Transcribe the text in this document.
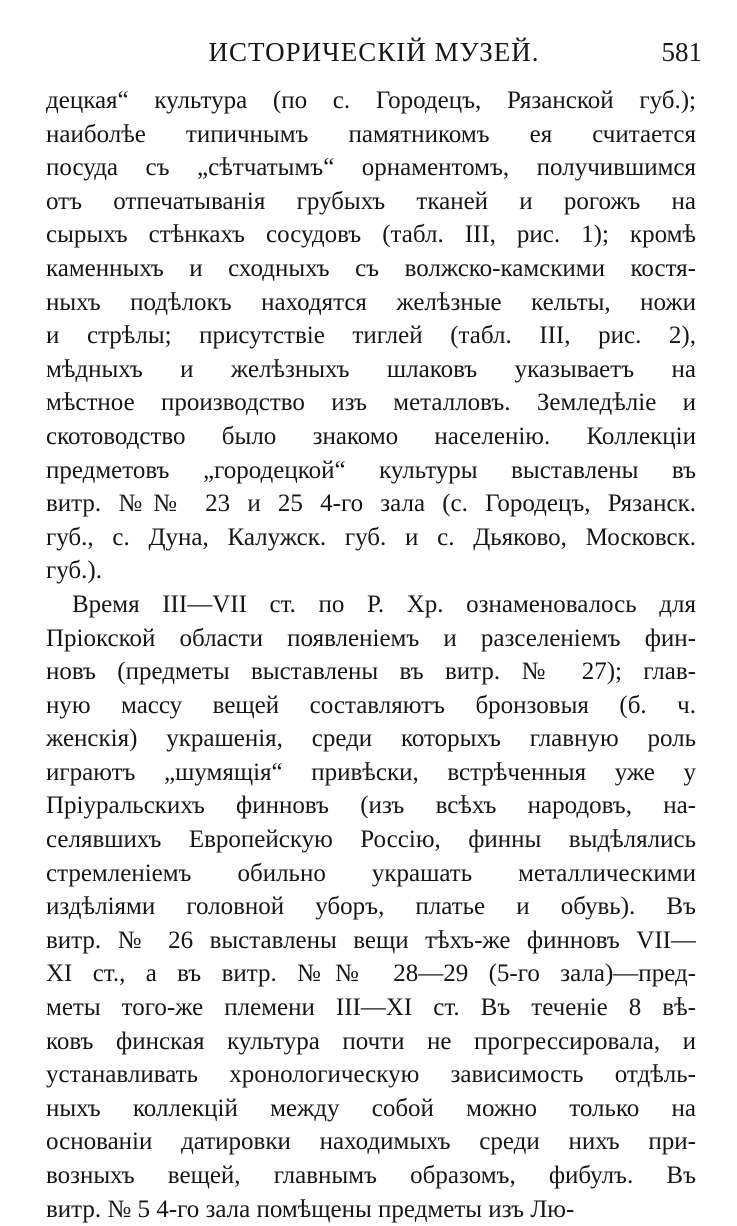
ИСТОРИЧЕСКІЙ МУЗЕЙ.	581
децкая“ культура (по с. Городецъ, Рязанской губ.);
наиболѣе типичнымъ памятникомъ ея считается
посуда съ „сѣтчатымъ“ орнаментомъ, получившимся
отъ отпечатыванія грубыхъ тканей и рогожъ на
сырыхъ стѣнкахъ сосудовъ (табл. III, рис. 1); кромѣ
каменныхъ и сходныхъ съ волжско-камскими костя-
ныхъ подѣлокъ находятся желѣзные кельты, ножи
и стрѣлы; присутствіе тиглей (табл. III, рис. 2),
мѣдныхъ и желѣзныхъ шлаковъ указываетъ на
мѣстное производство изъ металловъ. Земледѣліе и
скотоводство было знакомо населенію. Коллекціи
предметовъ „городецкой“ культуры выставлены въ
витр. №№ 23 и 25 4-го зала (с. Городецъ, Рязанск.
губ., с. Дуна, Калужск. губ. и с. Дьяково, Московск.
губ.).
Время III—VII ст. по Р. Хр. ознаменовалось для
Пріокской области появленіемъ и разселеніемъ фин-
новъ (предметы выставлены въ витр. № 27); глав-
ную массу вещей составляютъ бронзовыя (б. ч.
женскія) украшенія, среди которыхъ главную роль
играютъ „шумящія“ привѣски, встрѣченныя уже у
Пріуральскихъ финновъ (изъ всѣхъ народовъ, на-
селявшихъ Европейскую Россію, финны выдѣлялись
стремленіемъ обильно украшать металлическими
издѣліями головной уборъ, платье и обувь). Въ
витр. № 26 выставлены вещи тѣхъ-же финновъ VII—
XI ст., а въ витр. №№ 28—29 (5-го зала)—пред-
меты того-же племени III—XI ст. Въ теченіе 8 вѣ-
ковъ финская культура почти не прогрессировала, и
устанавливать хронологическую зависимость отдѣль-
ныхъ коллекцій между собой можно только на
основаніи датировки находимыхъ среди нихъ при-
возныхъ вещей, главнымъ образомъ, фибулъ. Въ
витр. № 5 4-го зала помѣщены предметы изъ Лю-
